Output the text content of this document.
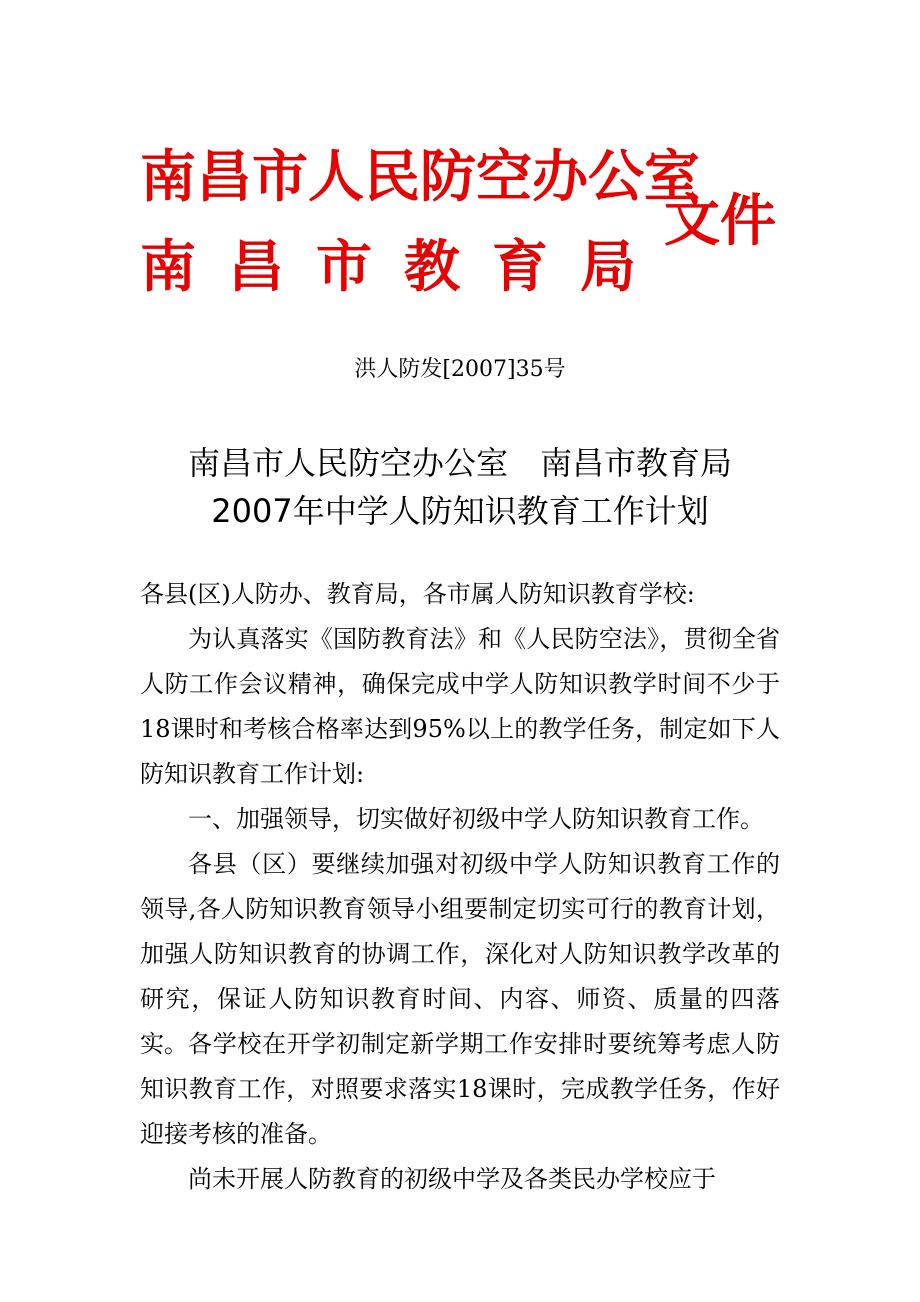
南昌市人民防空办公室
南昌市教育局
文件
洪人防发[2007]35号
南昌市人民防空办公室　南昌市教育局
2007年中学人防知识教育工作计划

各县(区)人防办、教育局，各市属人防知识教育学校:

为认真落实《国防教育法》和《人民防空法》，贯彻全省人防工作会议精神，确保完成中学人防知识教学时间不少于18课时和考核合格率达到95%以上的教学任务，制定如下人防知识教育工作计划:

一、加强领导，切实做好初级中学人防知识教育工作。

各县（区）要继续加强对初级中学人防知识教育工作的领导,各人防知识教育领导小组要制定切实可行的教育计划，加强人防知识教育的协调工作，深化对人防知识教学改革的研究，保证人防知识教育时间、内容、师资、质量的四落实。 各学校在开学初制定新学期工作安排时要统筹考虑人防知识教育工作，对照要求落实18课时，完成教学任务，作好迎接考核的准备。

尚未开展人防教育的初级中学及各类民办学校应于
